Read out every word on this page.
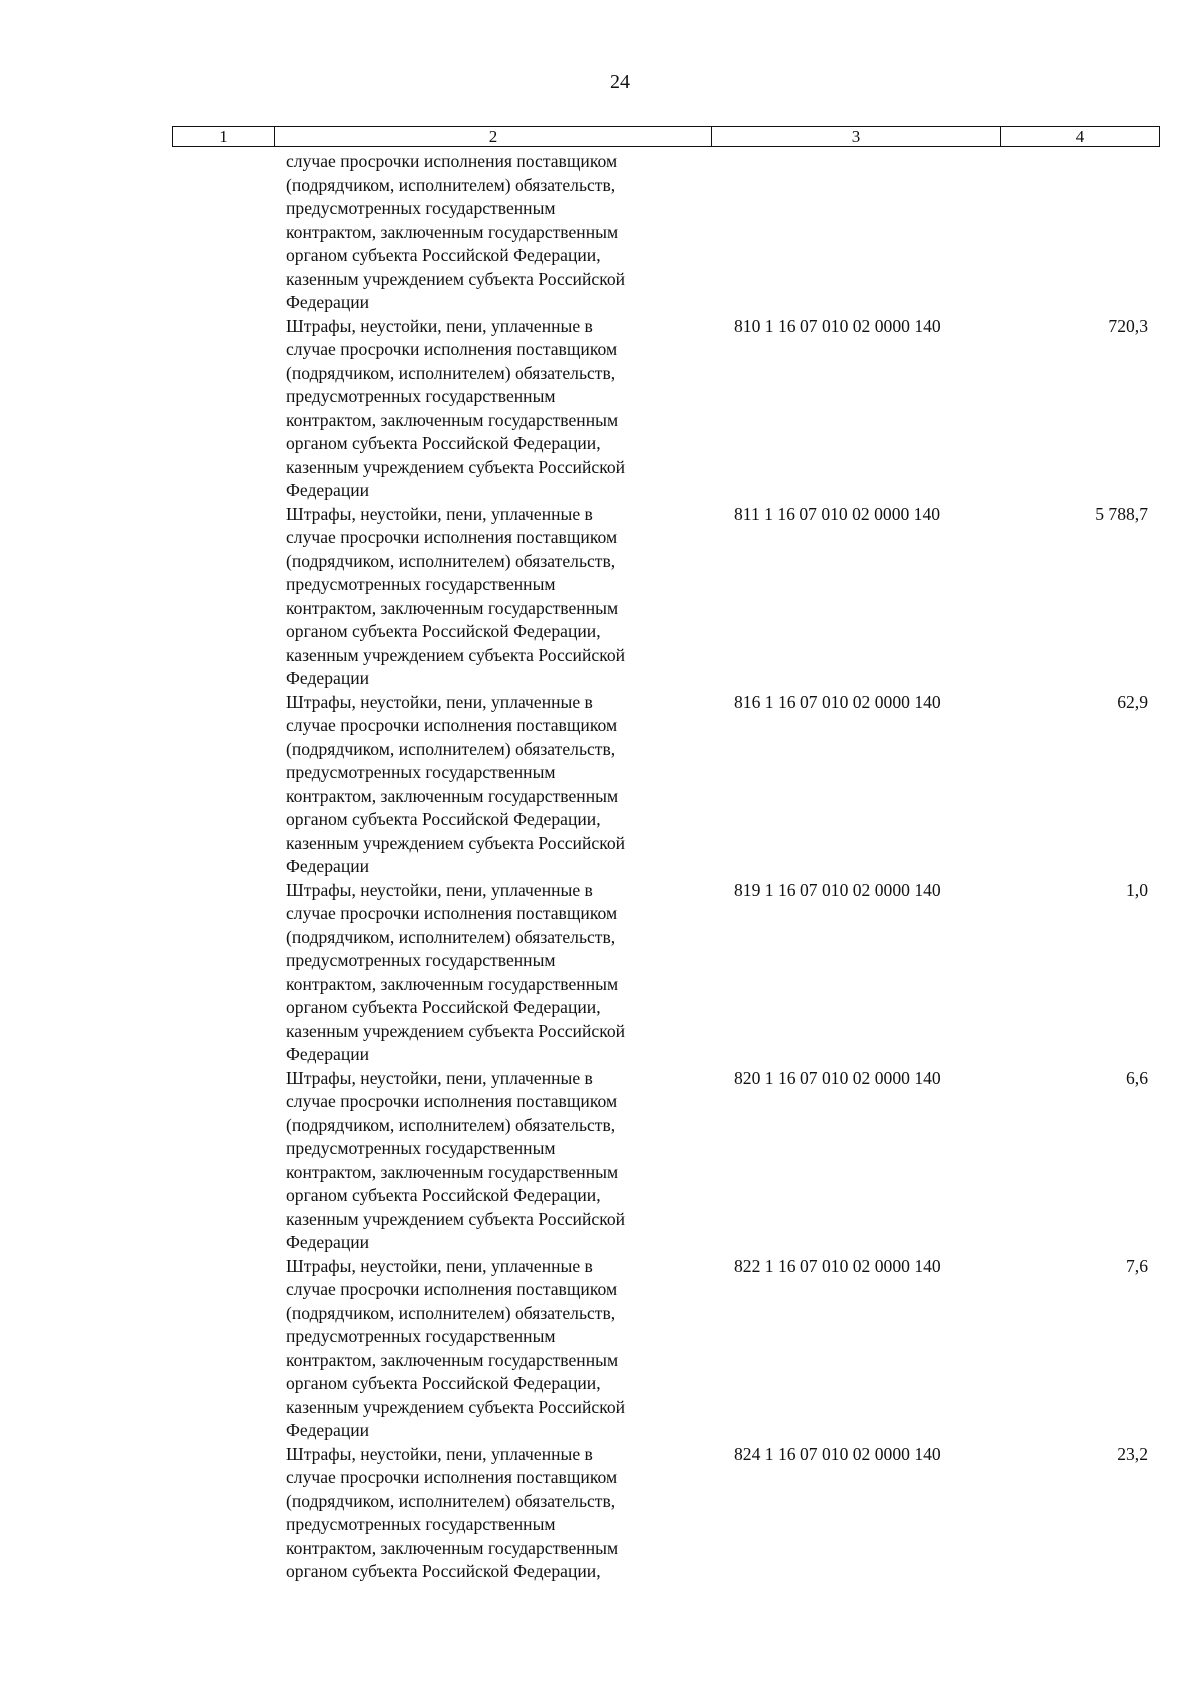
24
1	2	3	4
случае просрочки исполнения поставщиком
(подрядчиком, исполнителем) обязательств,
предусмотренных государственным
контрактом, заключенным государственным
органом субъекта Российской Федерации,
казенным учреждением субъекта Российской
Федерации
Штрафы, неустойки, пени, уплаченные в
случае просрочки исполнения поставщиком
(подрядчиком, исполнителем) обязательств,
предусмотренных государственным
контрактом, заключенным государственным
органом субъекта Российской Федерации,
казенным учреждением субъекта Российской
Федерации
810 1 16 07 010 02 0000 140	720,3
Штрафы, неустойки, пени, уплаченные в
случае просрочки исполнения поставщиком
(подрядчиком, исполнителем) обязательств,
предусмотренных государственным
контрактом, заключенным государственным
органом субъекта Российской Федерации,
казенным учреждением субъекта Российской
Федерации
811 1 16 07 010 02 0000 140	5 788,7
Штрафы, неустойки, пени, уплаченные в
случае просрочки исполнения поставщиком
(подрядчиком, исполнителем) обязательств,
предусмотренных государственным
контрактом, заключенным государственным
органом субъекта Российской Федерации,
казенным учреждением субъекта Российской
Федерации
816 1 16 07 010 02 0000 140	62,9
Штрафы, неустойки, пени, уплаченные в
случае просрочки исполнения поставщиком
(подрядчиком, исполнителем) обязательств,
предусмотренных государственным
контрактом, заключенным государственным
органом субъекта Российской Федерации,
казенным учреждением субъекта Российской
Федерации
819 1 16 07 010 02 0000 140	1,0
Штрафы, неустойки, пени, уплаченные в
случае просрочки исполнения поставщиком
(подрядчиком, исполнителем) обязательств,
предусмотренных государственным
контрактом, заключенным государственным
органом субъекта Российской Федерации,
казенным учреждением субъекта Российской
Федерации
820 1 16 07 010 02 0000 140	6,6
Штрафы, неустойки, пени, уплаченные в
случае просрочки исполнения поставщиком
(подрядчиком, исполнителем) обязательств,
предусмотренных государственным
контрактом, заключенным государственным
органом субъекта Российской Федерации,
казенным учреждением субъекта Российской
Федерации
822 1 16 07 010 02 0000 140	7,6
Штрафы, неустойки, пени, уплаченные в
случае просрочки исполнения поставщиком
(подрядчиком, исполнителем) обязательств,
предусмотренных государственным
контрактом, заключенным государственным
органом субъекта Российской Федерации,
824 1 16 07 010 02 0000 140	23,2
